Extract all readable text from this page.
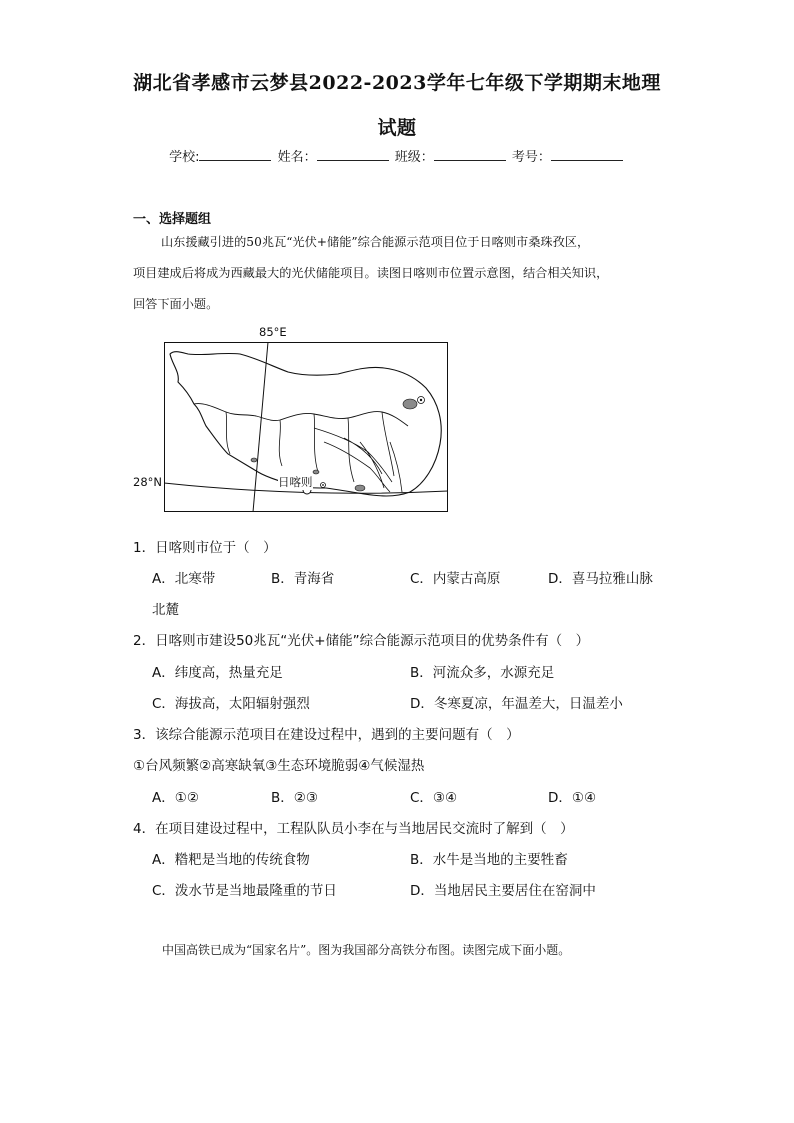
湖北省孝感市云梦县2022-2023学年七年级下学期期末地理
试题
学校:	姓名：	班级：	考号：
一、选择题组
山东援藏引进的50兆瓦“光伏+储能”综合能源示范项目位于日喀则市桑珠孜区，
项目建成后将成为西藏最大的光伏储能项目。读图日喀则市位置示意图，结合相关知识，
回答下面小题。
85°E
28°N	日喀则
1．日喀则市位于（　）
A．北寒带	B．青海省	C．内蒙古高原	D．喜马拉雅山脉
北麓
2．日喀则市建设50兆瓦“光伏+储能”综合能源示范项目的优势条件有（　）
A．纬度高，热量充足	B．河流众多，水源充足
C．海拔高，太阳辐射强烈	D．冬寒夏凉，年温差大，日温差小
3．该综合能源示范项目在建设过程中，遇到的主要问题有（　）
①台风频繁②高寒缺氧③生态环境脆弱④气候湿热
A．①②	B．②③	C．③④	D．①④
4．在项目建设过程中，工程队队员小李在与当地居民交流时了解到（　）
A．糌粑是当地的传统食物	B．水牛是当地的主要牲畜
C．泼水节是当地最隆重的节日	D．当地居民主要居住在窑洞中
中国高铁已成为“国家名片”。图为我国部分高铁分布图。读图完成下面小题。
